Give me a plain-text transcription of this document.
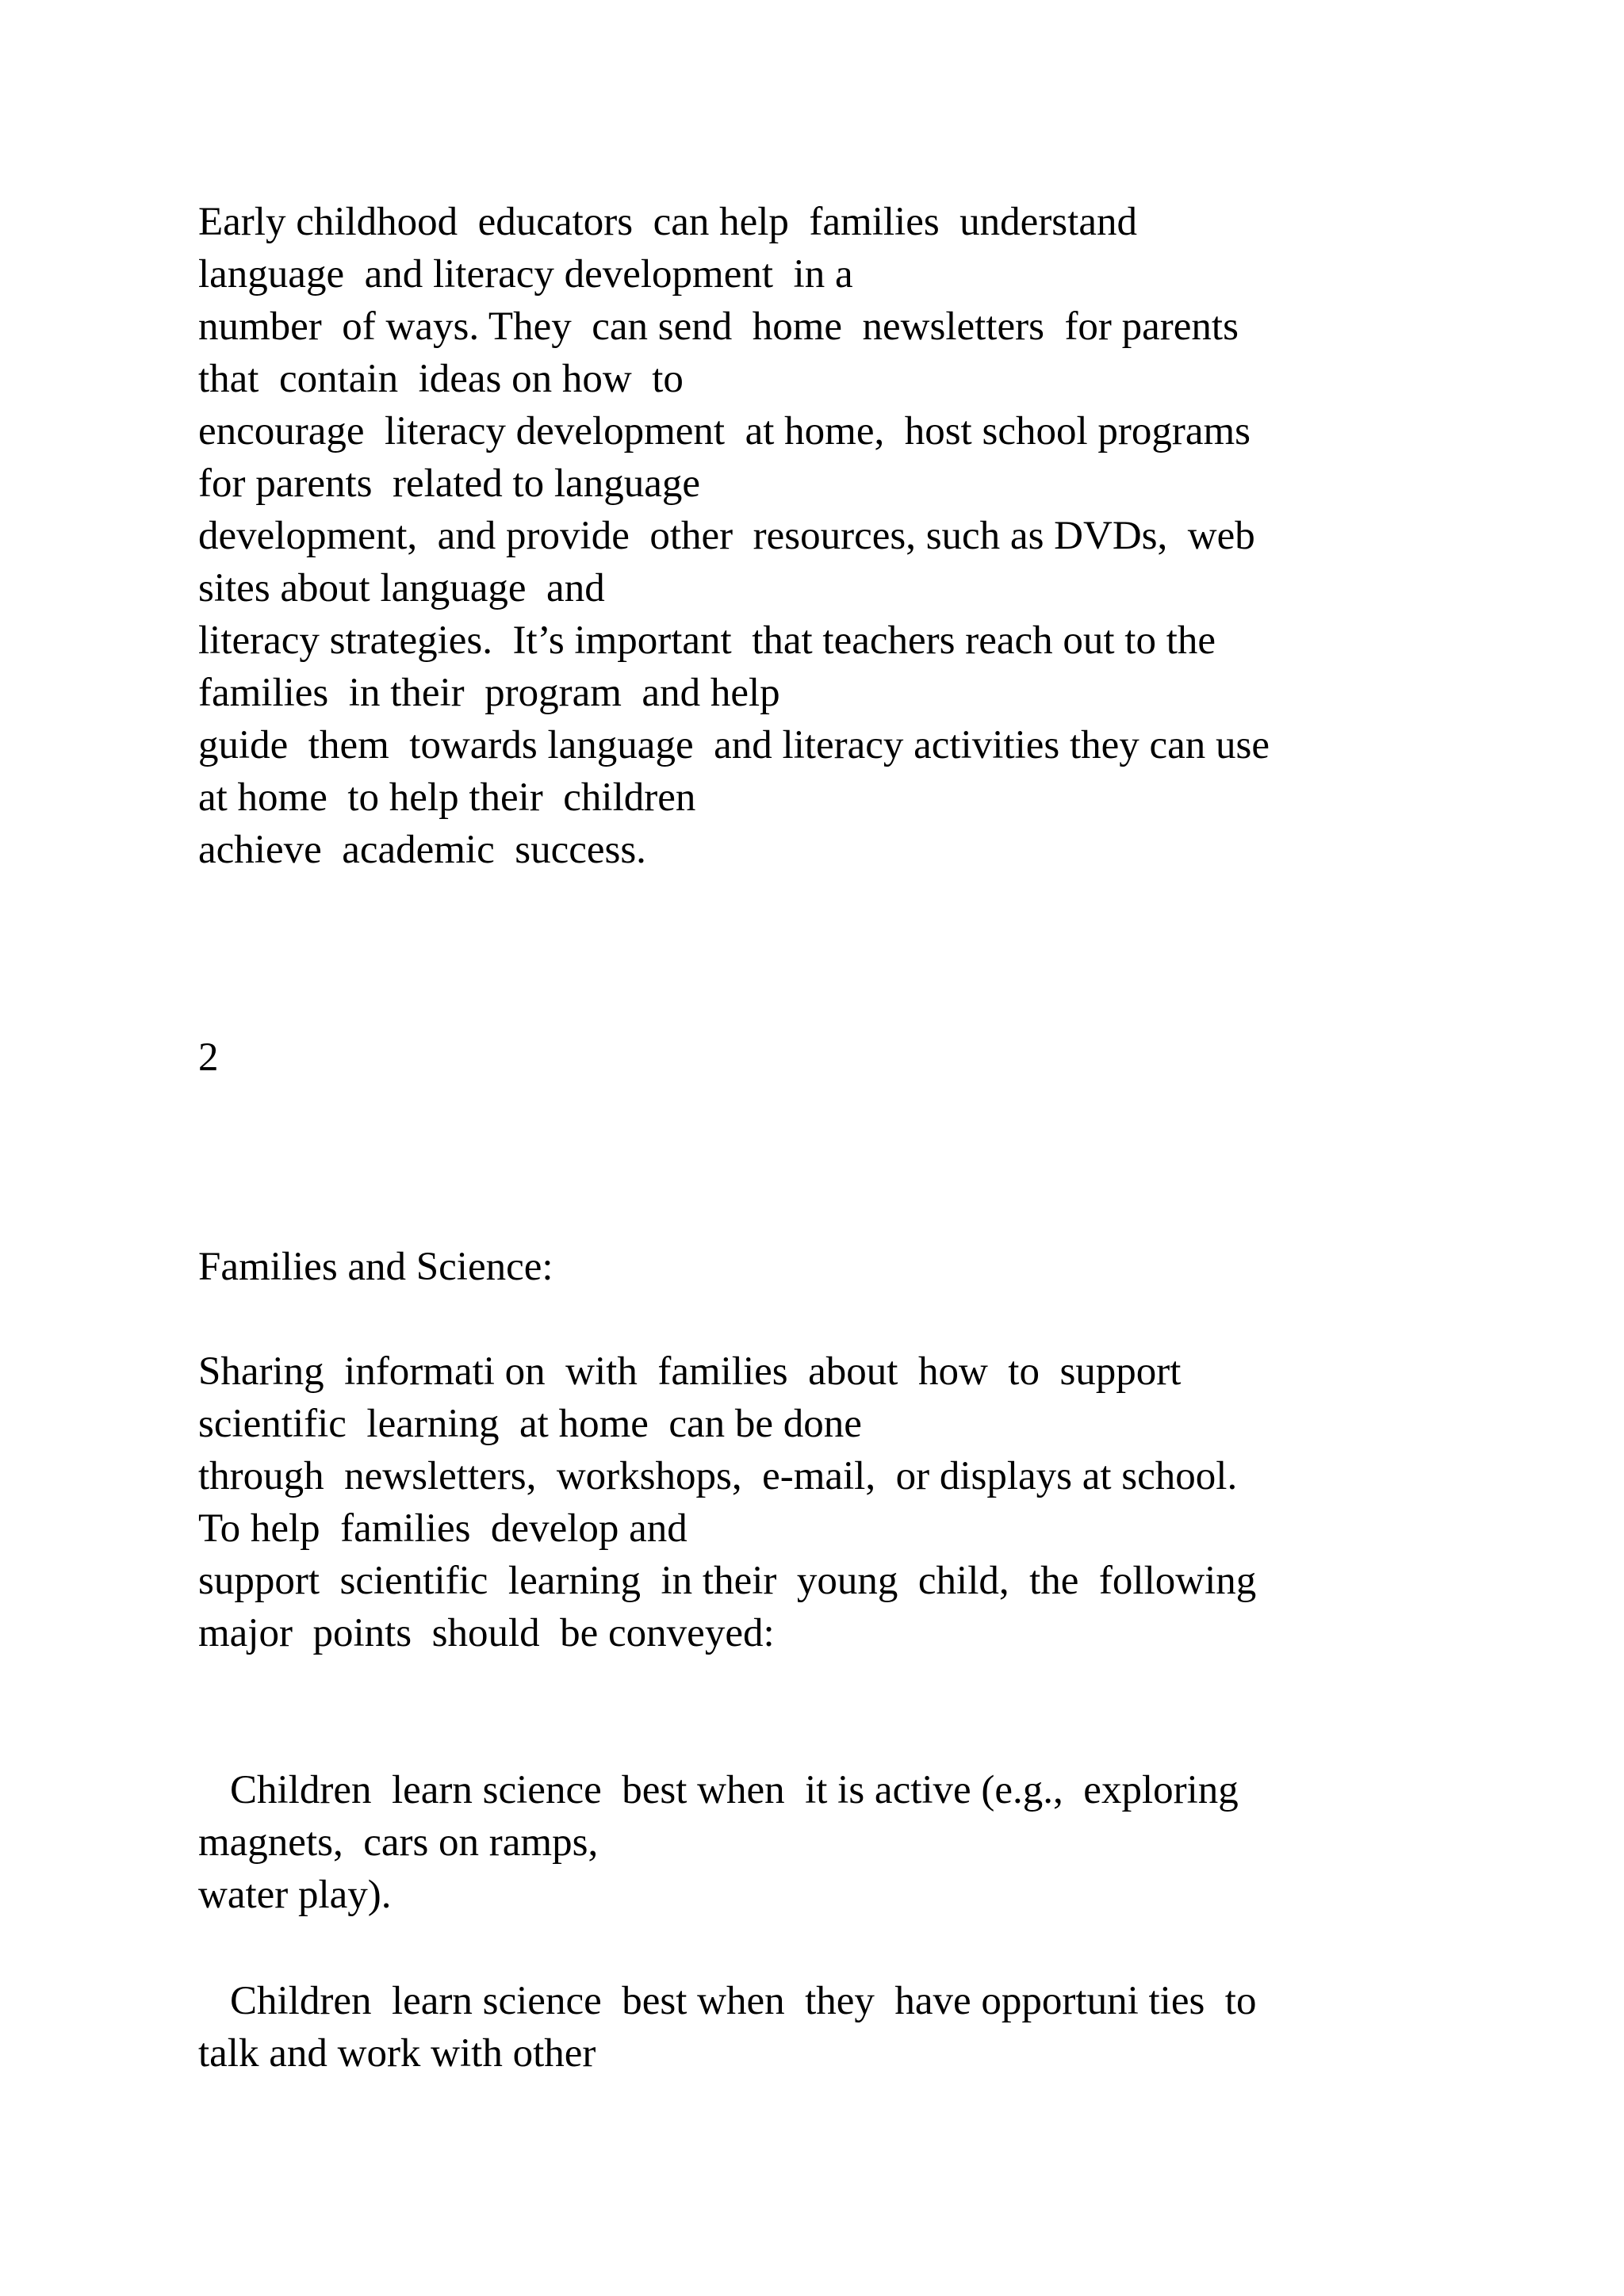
Early childhood  educators  can help  families  understand
language  and literacy development  in a
number  of ways. They  can send  home  newsletters  for parents
that  contain  ideas on how  to
encourage  literacy development  at home,  host school programs
for parents  related to language
development,  and provide  other  resources, such as DVDs,  web
sites about language  and
literacy strategies.  It’s important  that teachers reach out to the
families  in their  program  and help
guide  them  towards language  and literacy activities they can use
at home  to help their  children
achieve  academic  success.
2
Families and Science:
Sharing  informati on  with  families  about  how  to  support
scientific  learning  at home  can be done
through  newsletters,  workshops,  e-mail,  or displays at school.
To help  families  develop and
support  scientific  learning  in their  young  child,  the  following
major  points  should  be conveyed:
Children  learn science  best when  it is active (e.g.,  exploring
magnets,  cars on ramps,
water play).
Children  learn science  best when  they  have opportuni ties  to
talk and work with other
